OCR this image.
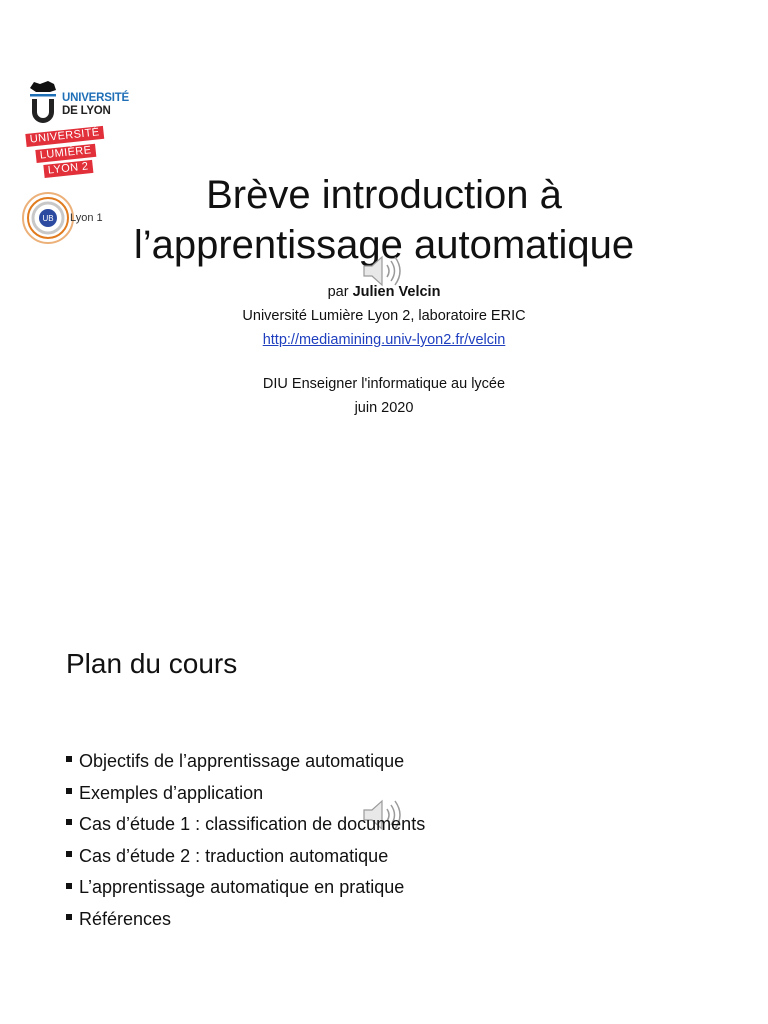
UNIVERSITÉ
DE LYON
UNIVERSITÉ
LUMIÈRE
LYON 2
UB Lyon 1
Brève introduction à
l’apprentissage automatique
par Julien Velcin
Université Lumière Lyon 2, laboratoire ERIC
http://mediamining.univ-lyon2.fr/velcin
DIU Enseigner l'informatique au lycée
juin 2020
Plan du cours
Objectifs de l’apprentissage automatique
Exemples d’application
Cas d’étude 1 : classification de documents
Cas d’étude 2 : traduction automatique
L’apprentissage automatique en pratique
Références
